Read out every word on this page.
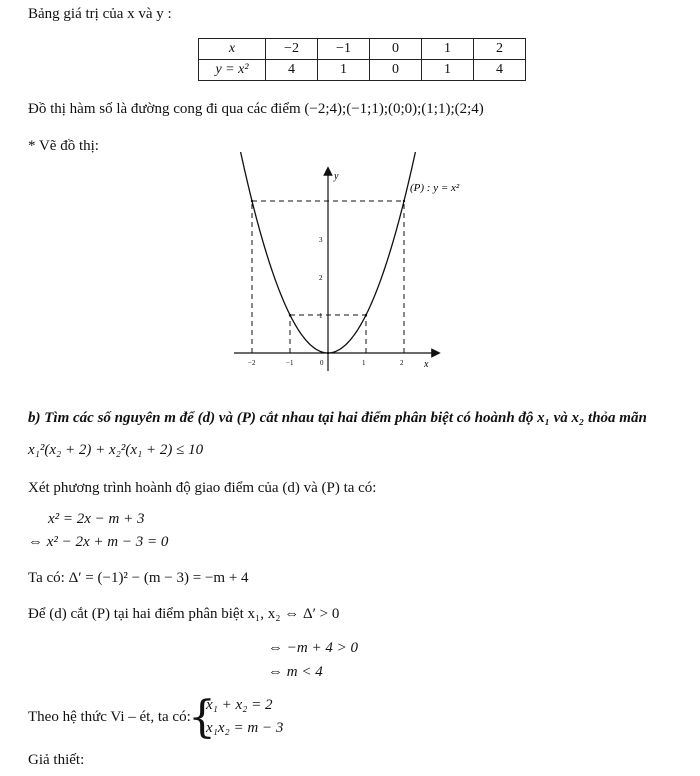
Bảng giá trị của x và y :
x	−2	−1	0	1	2
y = x²	4	1	0	1	4
Đồ thị hàm số là đường cong đi qua các điểm (−2;4);(−1;1);(0;0);(1;1);(2;4)
* Vẽ đồ thị:
x
y
−2	−1	0	1	2
1
2
3
(P) : y = x²
b) Tìm các số nguyên m để (d) và (P) cắt nhau tại hai điểm phân biệt có hoành độ x₁ và x₂ thỏa mãn
x₁²(x₂ + 2) + x₂²(x₁ + 2) ≤ 10
Xét phương trình hoành độ giao điểm của (d) và (P) ta có:
x² = 2x − m + 3
⇔ x² − 2x + m − 3 = 0
Ta có: Δ′ = (−1)² − (m − 3) = −m + 4
Để (d) cắt (P) tại hai điểm phân biệt x₁, x₂ ⇔ Δ′ > 0
⇔ −m + 4 > 0
⇔ m < 4
Theo hệ thức Vi – ét, ta có:
{
x₁ + x₂ = 2
x₁x₂ = m − 3
Giả thiết:
